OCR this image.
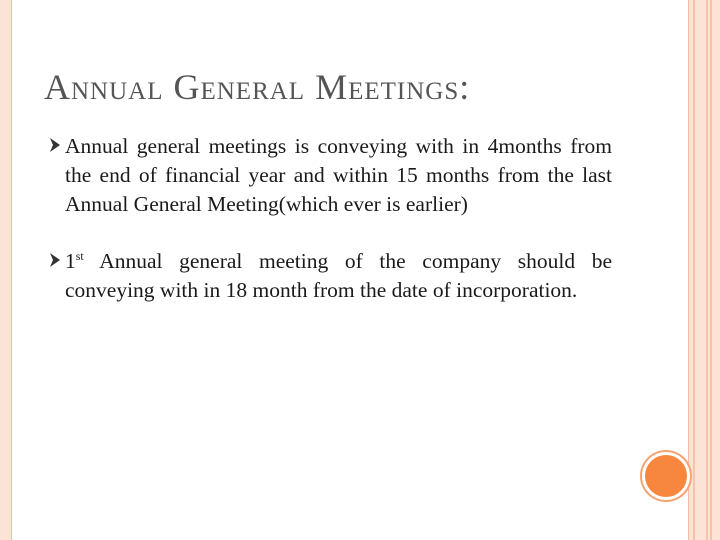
Annual General Meetings:
Annual general meetings is conveying with in 4months from the end of financial year and within 15 months from the last Annual General Meeting(which ever is earlier)
1st Annual general meeting of the company should be conveying with in 18 month from the date of incorporation.
